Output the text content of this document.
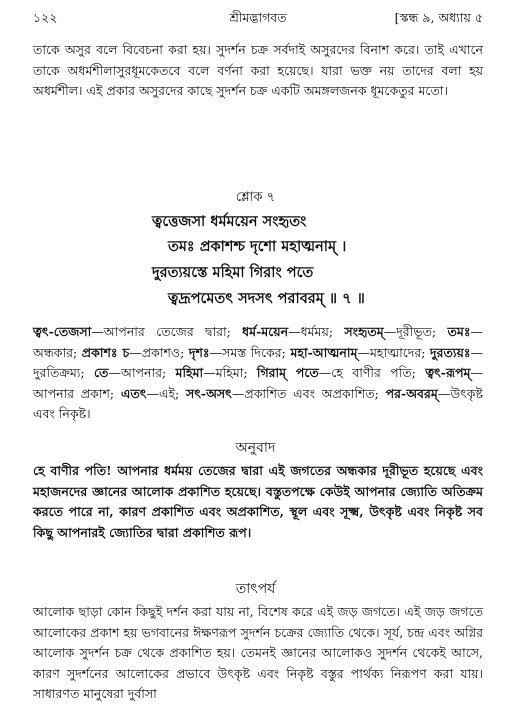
১২২	শ্রীমদ্ভাগবত	[স্কন্ধ ৯, অধ্যায় ৫
তাকে অসুর বলে বিবেচনা করা হয়। সুদর্শন চক্র সর্বদাই অসুরদের বিনাশ করে। তাই এখানে তাকে অধর্মশীলাসুরধূমকেতবে বলে বর্ণনা করা হয়েছে। যারা ভক্ত নয় তাদের বলা হয় অধর্মশীল। এই প্রকার অসুরদের কাছে সুদর্শন চক্র একটি অমঙ্গলজনক ধূমকেতুর মতো।
শ্লোক ৭
ত্বত্তেজসা ধর্মময়েন সংহৃতং
তমঃ প্রকাশশ্চ দৃশো মহাত্মনাম্ ।
দুরত্যয়স্তে মহিমা গিরাং পতে
ত্বদ্রূপমেতৎ সদসৎ পরাবরম্ ॥ ৭ ॥
ত্বৎ-তেজসা—আপনার তেজের দ্বারা; ধর্ম-ময়েন—ধর্মময়; সংহৃতম্—দূরীভূত; তমঃ—অন্ধকার; প্রকাশঃ চ—প্রকাশও; দৃশঃ—সমস্ত দিকের; মহা-আত্মনাম্—মহাত্মাদের; দুরত্যয়ঃ—দুরতিক্রম্য; তে—আপনার; মহিমা—মহিমা; গিরাম্ পতে—হে বাণীর পতি; ত্বৎ-রূপম্—আপনার প্রকাশ; এতৎ—এই; সৎ-অসৎ—প্রকাশিত এবং অপ্রকাশিত; পর-অবরম্—উৎকৃষ্ট এবং নিকৃষ্ট।
অনুবাদ
হে বাণীর পতি! আপনার ধর্মময় তেজের দ্বারা এই জগতের অন্ধকার দূরীভূত হয়েছে এবং মহাজনদের জ্ঞানের আলোক প্রকাশিত হয়েছে। বস্তুতপক্ষে কেউই আপনার জ্যোতি অতিক্রম করতে পারে না, কারণ প্রকাশিত এবং অপ্রকাশিত, স্থূল এবং সূক্ষ্ম, উৎকৃষ্ট এবং নিকৃষ্ট সব কিছু আপনারই জ্যোতির দ্বারা প্রকাশিত রূপ।
তাৎপর্য
আলোক ছাড়া কোন কিছুই দর্শন করা যায় না, বিশেষ করে এই জড় জগতে। এই জড় জগতে আলোকের প্রকাশ হয় ভগবানের ঈক্ষণরূপ সুদর্শন চক্রের জ্যোতি থেকে। সূর্য, চন্দ্র এবং অগ্নির আলোক সুদর্শন চক্র থেকে প্রকাশিত হয়। তেমনই জ্ঞানের আলোকও সুদর্শন থেকেই আসে, কারণ সুদর্শনের আলোকের প্রভাবে উৎকৃষ্ট এবং নিকৃষ্ট বস্তুর পার্থক্য নিরূপণ করা যায়। সাধারণত মানুষেরা দুর্বাসা
